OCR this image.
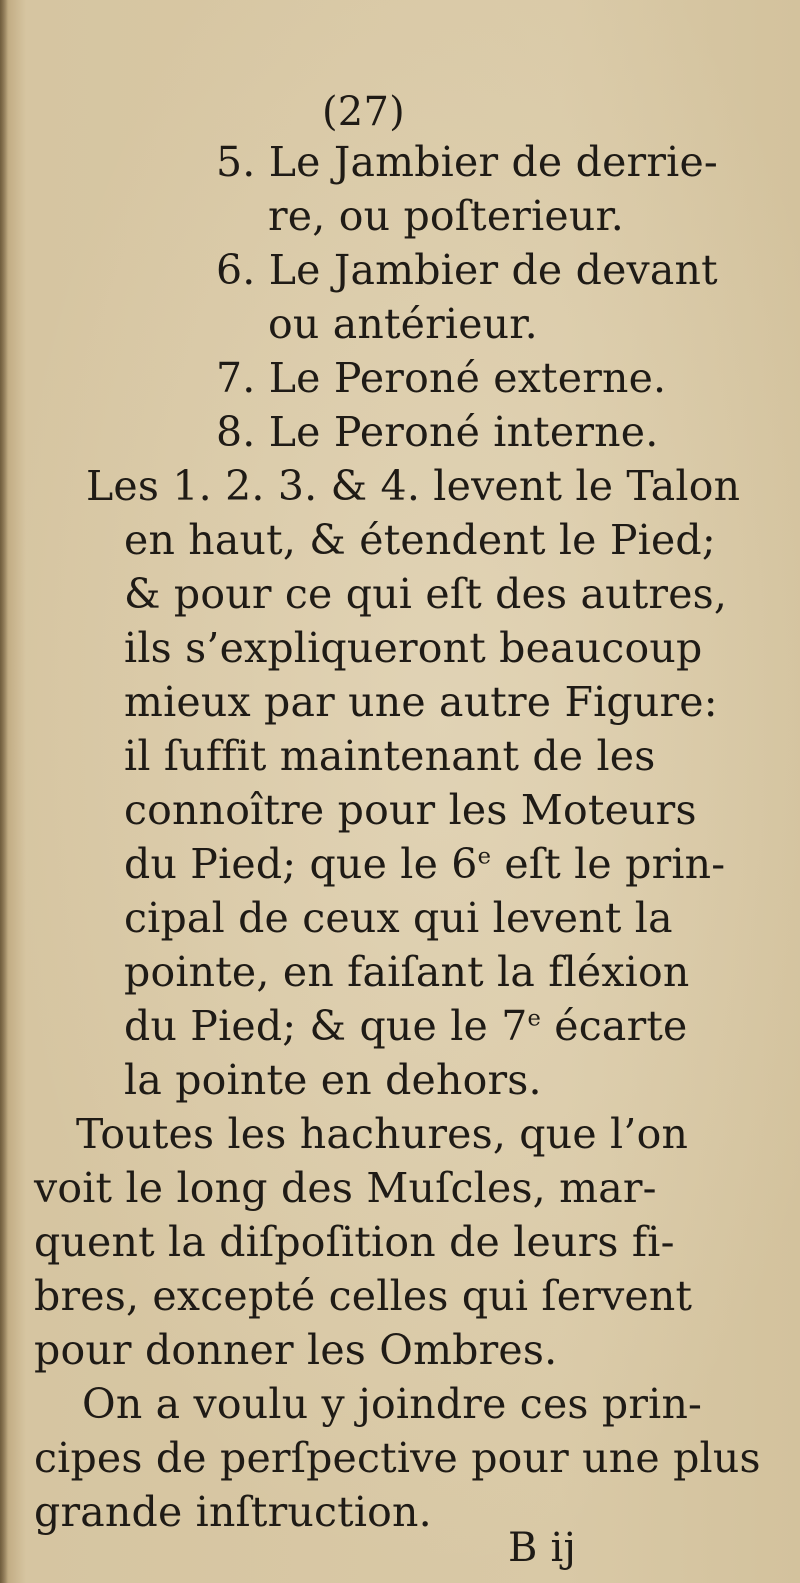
(27)
5. Le Jambier de derrie-
re, ou poſterieur.
6. Le Jambier de devant
ou antérieur.
7. Le Peroné externe.
8. Le Peroné interne.
Les 1. 2. 3. & 4. levent le Talon
en haut, & étendent le Pied;
& pour ce qui eſt des autres,
ils s’expliqueront beaucoup
mieux par une autre Figure:
il ſuffit maintenant de les
connoître pour les Moteurs
du Pied; que le 6e eſt le prin-
cipal de ceux qui levent la
pointe, en faiſant la fléxion
du Pied; & que le 7e écarte
la pointe en dehors.
Toutes les hachures, que l’on
voit le long des Muſcles, mar-
quent la diſpoſition de leurs fi-
bres, excepté celles qui ſervent
pour donner les Ombres.
On a voulu y joindre ces prin-
cipes de perſpective pour une plus
grande inſtruction.
B ij
